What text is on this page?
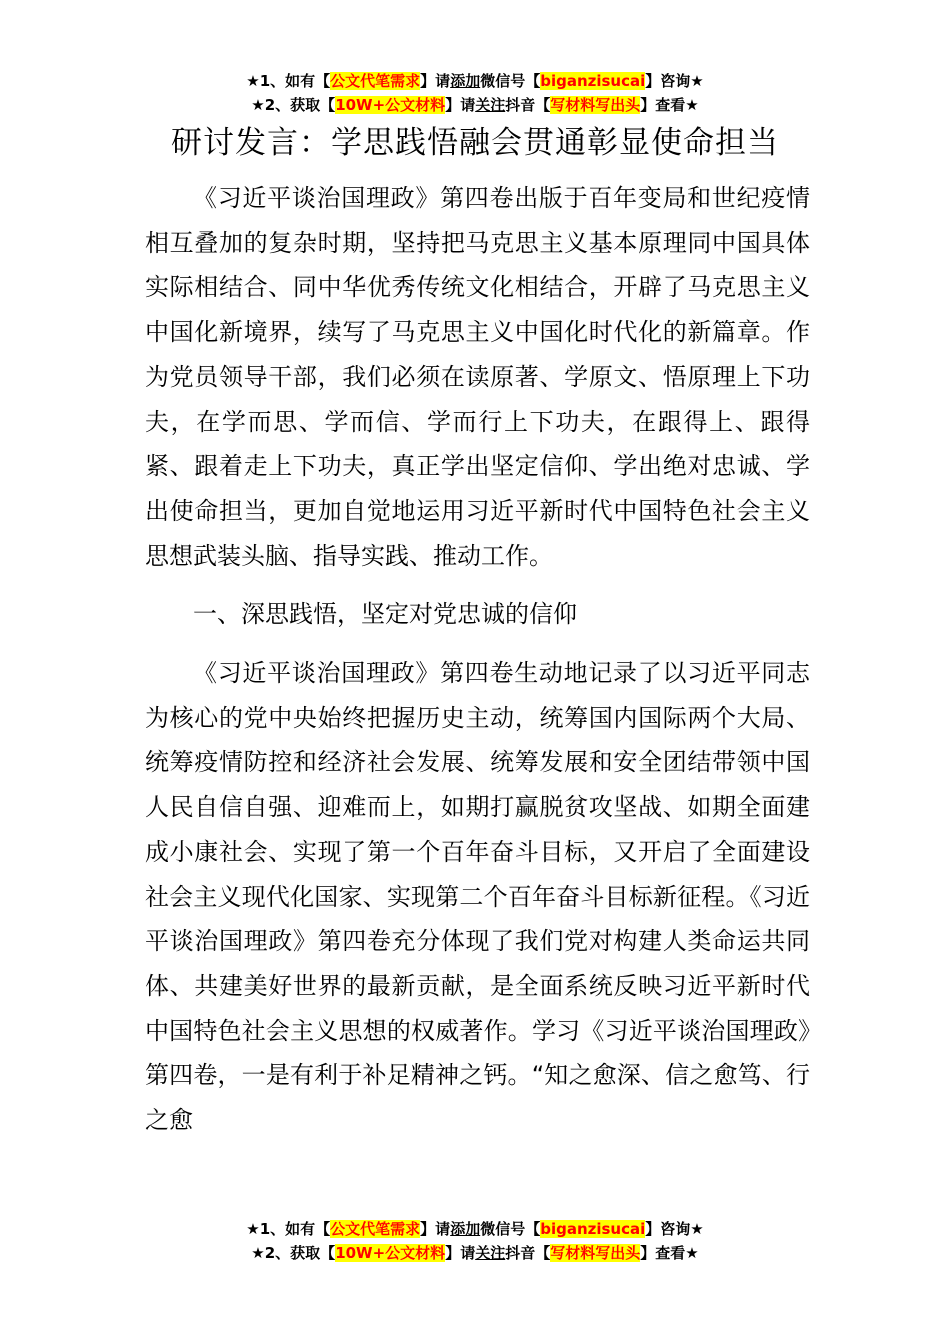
★1、如有【公文代笔需求】请添加微信号【biganzisucai】咨询★
★2、获取【10W+公文材料】请关注抖音【写材料写出头】查看★
研讨发言：学思践悟融会贯通彰显使命担当

《习近平谈治国理政》第四卷出版于百年变局和世纪疫情相互叠加的复杂时期，坚持把马克思主义基本原理同中国具体实际相结合、同中华优秀传统文化相结合，开辟了马克思主义中国化新境界，续写了马克思主义中国化时代化的新篇章。作为党员领导干部，我们必须在读原著、学原文、悟原理上下功夫，在学而思、学而信、学而行上下功夫，在跟得上、跟得紧、跟着走上下功夫，真正学出坚定信仰、学出绝对忠诚、学出使命担当，更加自觉地运用习近平新时代中国特色社会主义思想武装头脑、指导实践、推动工作。

一、深思践悟，坚定对党忠诚的信仰

《习近平谈治国理政》第四卷生动地记录了以习近平同志为核心的党中央始终把握历史主动，统筹国内国际两个大局、统筹疫情防控和经济社会发展、统筹发展和安全团结带领中国人民自信自强、迎难而上，如期打赢脱贫攻坚战、如期全面建成小康社会、实现了第一个百年奋斗目标，又开启了全面建设社会主义现代化国家、实现第二个百年奋斗目标新征程。《习近平谈治国理政》第四卷充分体现了我们党对构建人类命运共同体、共建美好世界的最新贡献，是全面系统反映习近平新时代中国特色社会主义思想的权威著作。学习《习近平谈治国理政》第四卷，一是有利于补足精神之钙。“知之愈深、信之愈笃、行之愈

★1、如有【公文代笔需求】请添加微信号【biganzisucai】咨询★
★2、获取【10W+公文材料】请关注抖音【写材料写出头】查看★
